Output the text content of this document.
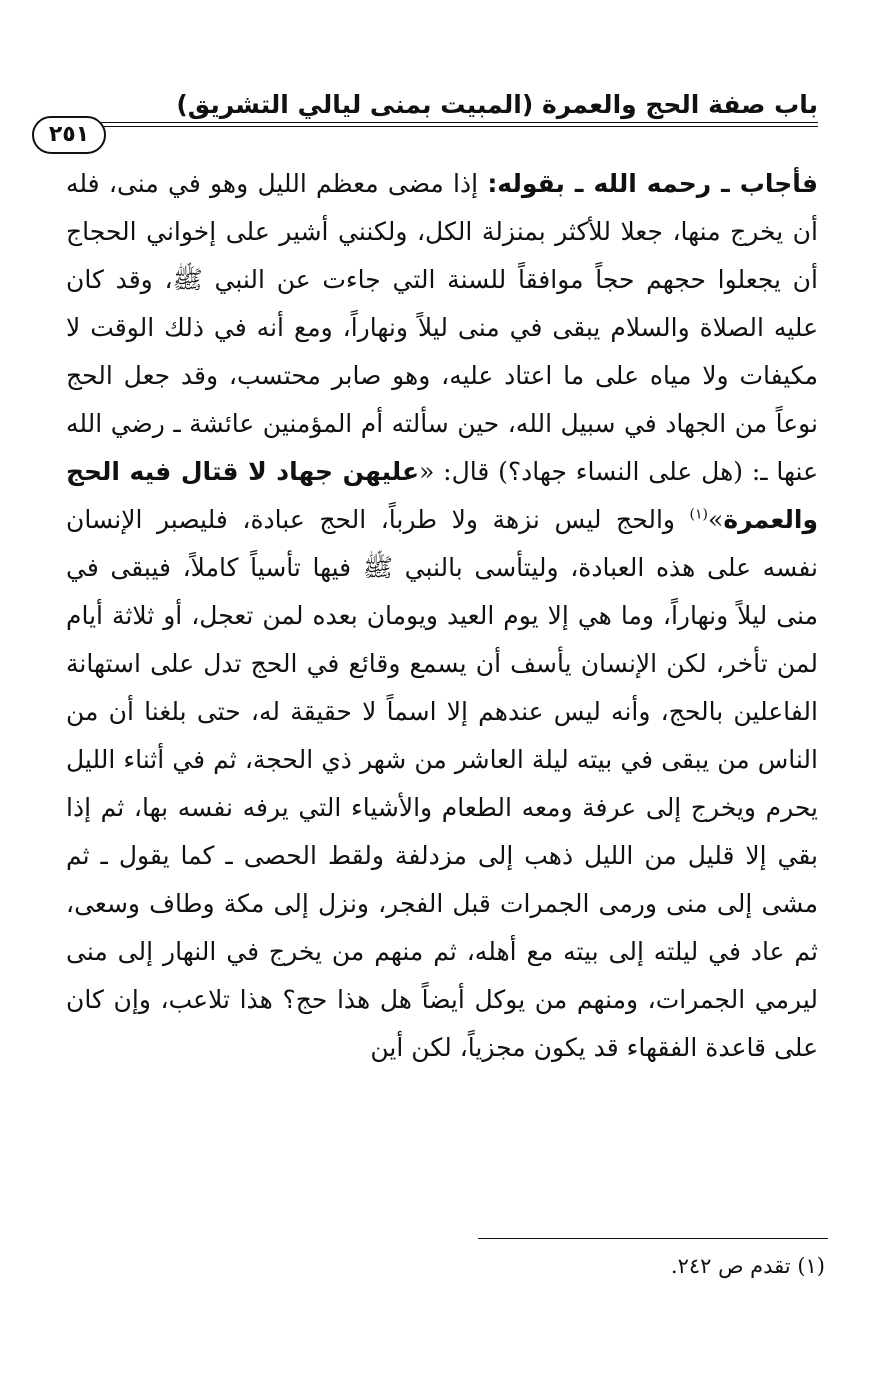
باب صفة الحج والعمرة (المبيت بمنى ليالي التشريق)
٢٥١

فأجاب ـ رحمه الله ـ بقوله: إذا مضى معظم الليل وهو في منى، فله أن يخرج منها، جعلا للأكثر بمنزلة الكل، ولكنني أشير على إخواني الحجاج أن يجعلوا حجهم حجاً موافقاً للسنة التي جاءت عن النبي ﷺ، وقد كان عليه الصلاة والسلام يبقى في منى ليلاً ونهاراً، ومع أنه في ذلك الوقت لا مكيفات ولا مياه على ما اعتاد عليه، وهو صابر محتسب، وقد جعل الحج نوعاً من الجهاد في سبيل الله، حين سألته أم المؤمنين عائشة ـ رضي الله عنها ـ: (هل على النساء جهاد؟) قال: «عليهن جهاد لا قتال فيه الحج والعمرة»$^{(١)}$ والحج ليس نزهة ولا طرباً، الحج عبادة، فليصبر الإنسان نفسه على هذه العبادة، وليتأسى بالنبي ﷺ فيها تأسياً كاملاً، فيبقى في منى ليلاً ونهاراً، وما هي إلا يوم العيد ويومان بعده لمن تعجل، أو ثلاثة أيام لمن تأخر، لكن الإنسان يأسف أن يسمع وقائع في الحج تدل على استهانة الفاعلين بالحج، وأنه ليس عندهم إلا اسماً لا حقيقة له، حتى بلغنا أن من الناس من يبقى في بيته ليلة العاشر من شهر ذي الحجة، ثم في أثناء الليل يحرم ويخرج إلى عرفة ومعه الطعام والأشياء التي يرفه نفسه بها، ثم إذا بقي إلا قليل من الليل ذهب إلى مزدلفة ولقط الحصى ـ كما يقول ـ ثم مشى إلى منى ورمى الجمرات قبل الفجر، ونزل إلى مكة وطاف وسعى، ثم عاد في ليلته إلى بيته مع أهله، ثم منهم من يخرج في النهار إلى منى ليرمي الجمرات، ومنهم من يوكل أيضاً هل هذا حج؟ هذا تلاعب، وإن كان على قاعدة الفقهاء قد يكون مجزياً، لكن أين

(١) تقدم ص ٢٤٢.
